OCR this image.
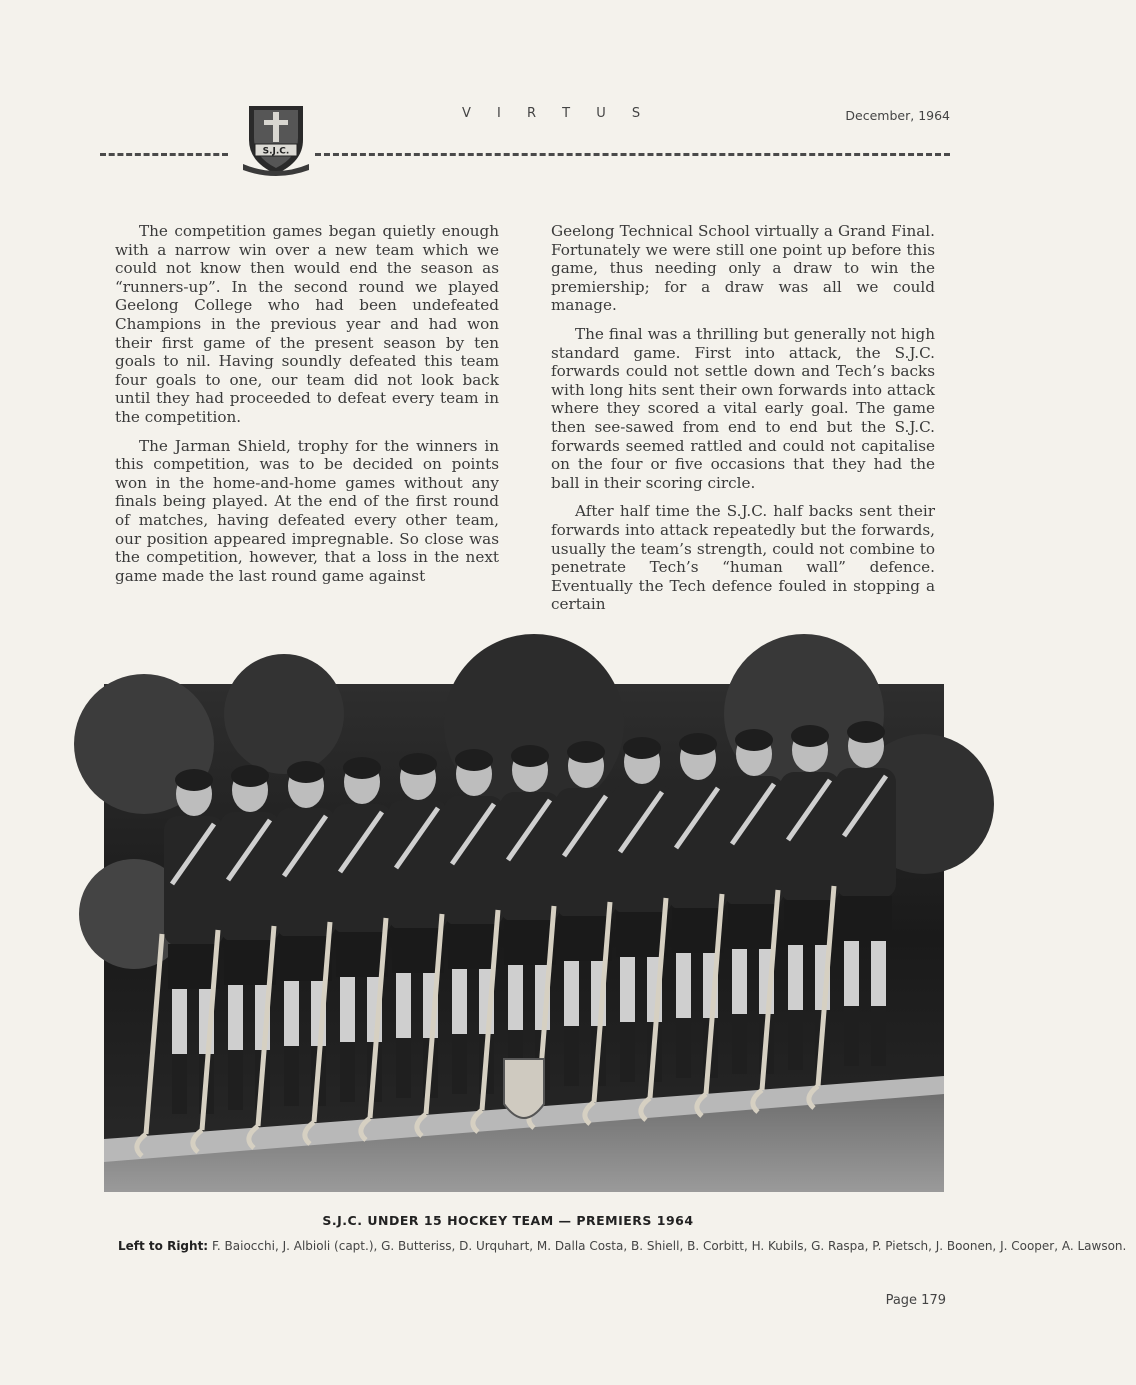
S.J.C.
V I R T U S	December, 1964

The competition games began quietly enough with a narrow win over a new team which we could not know then would end the season as “runners-up”. In the second round we played Geelong College who had been undefeated Champions in the previous year and had won their first game of the present season by ten goals to nil. Having soundly defeated this team four goals to one, our team did not look back until they had proceeded to defeat every team in the competition.

The Jarman Shield, trophy for the winners in this competition, was to be decided on points won in the home-and-home games without any finals being played. At the end of the first round of matches, having defeated every other team, our position appeared impregnable. So close was the competition, however, that a loss in the next game made the last round game against

Geelong Technical School virtually a Grand Final. Fortunately we were still one point up before this game, thus needing only a draw to win the premiership; for a draw was all we could manage.

The final was a thrilling but generally not high standard game. First into attack, the S.J.C. forwards could not settle down and Tech’s backs with long hits sent their own forwards into attack where they scored a vital early goal. The game then see-sawed from end to end but the S.J.C. forwards seemed rattled and could not capitalise on the four or five occasions that they had the ball in their scoring circle.

After half time the S.J.C. half backs sent their forwards into attack repeatedly but the forwards, usually the team’s strength, could not combine to penetrate Tech’s “human wall” defence. Eventually the Tech defence fouled in stopping a certain

S.J.C. UNDER 15 HOCKEY TEAM — PREMIERS 1964
Left to Right: F. Baiocchi, J. Albioli (capt.), G. Butteriss, D. Urquhart, M. Dalla Costa, B. Shiell, B. Corbitt, H. Kubils, G. Raspa, P. Pietsch, J. Boonen, J. Cooper, A. Lawson.
Page 179
